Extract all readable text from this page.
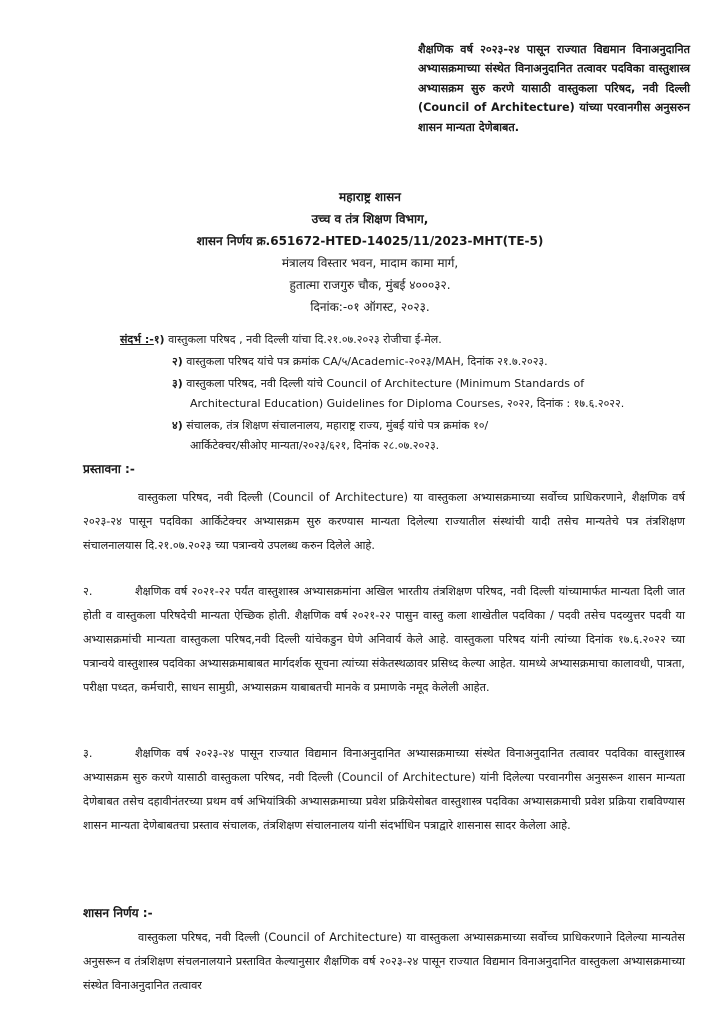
शैक्षणिक वर्ष २०२३-२४ पासून राज्यात विद्यमान विनाअनुदानित अभ्यासक्रमाच्या संस्थेत विनाअनुदानित तत्वावर पदविका वास्तुशास्त्र अभ्यासक्रम सुरु करणे यासाठी वास्तुकला परिषद, नवी दिल्ली (Council of Architecture) यांच्या परवानगीस अनुसरुन शासन मान्यता देणेबाबत.
महाराष्ट्र शासन
उच्च व तंत्र शिक्षण विभाग,
शासन निर्णय क्र.651672-HTED-14025/11/2023-MHT(TE-5)
मंत्रालय विस्तार भवन, मादाम कामा मार्ग,
हुतात्मा राजगुरु चौक, मुंबई ४०००३२.
दिनांक:-०१ ऑगस्ट, २०२३.
संदर्भ :-१) वास्तुकला परिषद , नवी दिल्ली यांचा दि.२१.०७.२०२३ रोजीचा ई-मेल.
२) वास्तुकला परिषद यांचे पत्र क्रमांक CA/५/Academic-२०२३/MAH, दिनांक २१.७.२०२३.
३) वास्तुकला परिषद, नवी दिल्ली यांचे Council of Architecture (Minimum Standards of
Architectural Education) Guidelines for Diploma Courses, २०२२, दिनांक : १७.६.२०२२.
४) संचालक, तंत्र शिक्षण संचालनालय, महाराष्ट्र राज्य, मुंबई यांचे पत्र क्रमांक १०/
आर्किटेक्चर/सीओए मान्यता/२०२३/६२१, दिनांक २८.०७.२०२३.
प्रस्तावना :-
वास्तुकला परिषद, नवी दिल्ली (Council of Architecture) या वास्तुकला अभ्यासक्रमाच्या सर्वोच्च प्राधिकरणाने, शैक्षणिक वर्ष २०२३-२४ पासून पदविका आर्किटेक्चर अभ्यासक्रम सुरु करण्यास मान्यता दिलेल्या राज्यातील संस्थांची यादी तसेच मान्यतेचे पत्र तंत्रशिक्षण संचालनालयास दि.२१.०७.२०२३ च्या पत्रान्वये उपलब्ध करुन दिलेले आहे.
२.	शैक्षणिक वर्ष २०२१-२२ पर्यंत वास्तुशास्त्र अभ्यासक्रमांना अखिल भारतीय तंत्रशिक्षण परिषद, नवी दिल्ली यांच्यामार्फत मान्यता दिली जात होती व वास्तुकला परिषदेची मान्यता ऐच्छिक होती. शैक्षणिक वर्ष २०२१-२२ पासुन वास्तु कला शाखेतील पदविका / पदवी तसेच पदव्युत्तर पदवी या अभ्यासक्रमांची मान्यता वास्तुकला परिषद,नवी दिल्ली यांचेकडुन घेणे अनिवार्य केले आहे. वास्तुकला परिषद यांनी त्यांच्या दिनांक १७.६.२०२२ च्या पत्रान्वये वास्तुशास्त्र पदविका अभ्यासक्रमाबाबत मार्गदर्शक सूचना त्यांच्या संकेतस्थळावर प्रसिध्द केल्या आहेत. यामध्ये अभ्यासक्रमाचा कालावधी, पात्रता, परीक्षा पध्दत, कर्मचारी, साधन सामुग्री, अभ्यासक्रम याबाबतची मानके व प्रमाणके नमूद केलेली आहेत.
३.	शैक्षणिक वर्ष २०२३-२४ पासून राज्यात विद्यमान विनाअनुदानित अभ्यासक्रमाच्या संस्थेत विनाअनुदानित तत्वावर पदविका वास्तुशास्त्र अभ्यासक्रम सुरु करणे यासाठी वास्तुकला परिषद, नवी दिल्ली (Council of Architecture) यांनी दिलेल्या परवानगीस अनुसरून शासन मान्यता देणेबाबत तसेच दहावीनंतरच्या प्रथम वर्ष अभियांत्रिकी अभ्यासक्रमाच्या प्रवेश प्रक्रियेसोबत वास्तुशास्त्र पदविका अभ्यासक्रमाची प्रवेश प्रक्रिया राबविण्यास शासन मान्यता देणेबाबतचा प्रस्ताव संचालक, तंत्रशिक्षण संचालनालय यांनी संदर्भाधिन पत्राद्वारे शासनास सादर केलेला आहे.
शासन निर्णय :-
वास्तुकला परिषद, नवी दिल्ली (Council of Architecture) या वास्तुकला अभ्यासक्रमाच्या सर्वोच्च प्राधिकरणाने दिलेल्या मान्यतेस अनुसरून व तंत्रशिक्षण संचलनालयाने प्रस्तावित केल्यानुसार शैक्षणिक वर्ष २०२३-२४ पासून राज्यात विद्यमान विनाअनुदानित वास्तुकला अभ्यासक्रमाच्या संस्थेत विनाअनुदानित तत्वावर
